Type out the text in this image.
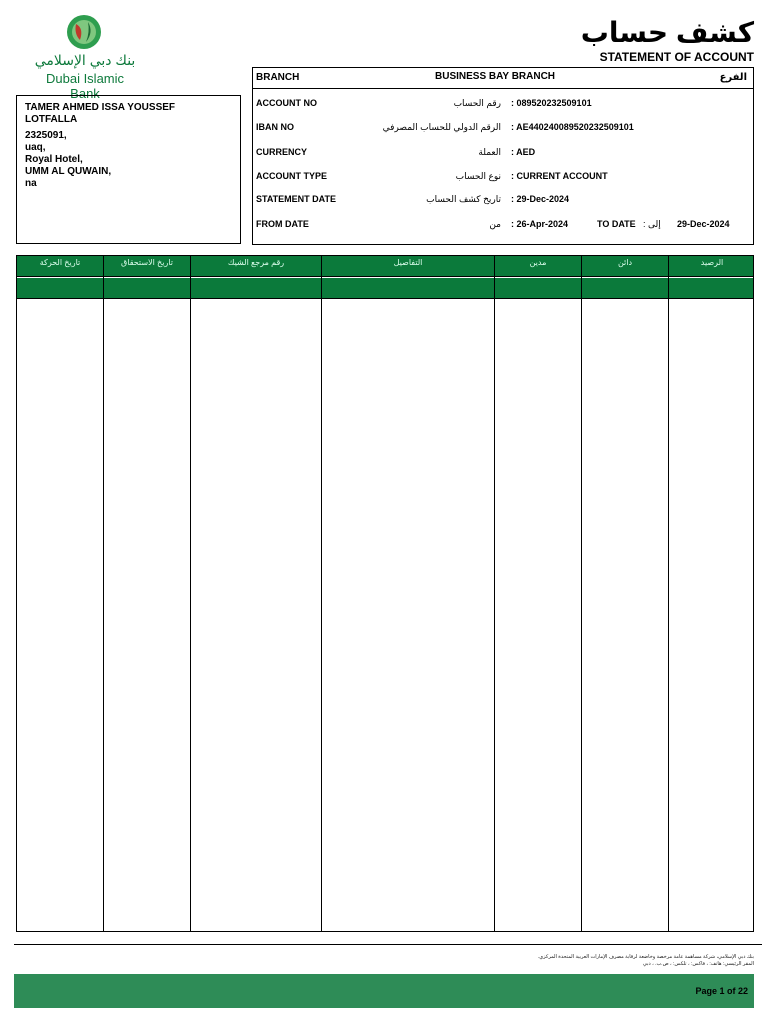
بنك دبي الإسلامي
Dubai Islamic Bank
كشف حساب
STATEMENT OF ACCOUNT
TAMER AHMED ISSA YOUSSEF
LOTFALLA
2325091,
uaq,
Royal Hotel,
UMM AL QUWAIN,
na
BRANCH	BUSINESS BAY BRANCH	الفرع
ACCOUNT NO	رقم الحساب : 089520232509101
IBAN NO	الرقم الدولي للحساب المصرفي : AE440240089520232509101
CURRENCY	العملة : AED
ACCOUNT TYPE	نوع الحساب : CURRENT ACCOUNT
STATEMENT DATE	تاريخ كشف الحساب : 29-Dec-2024
FROM DATE	من : 26-Apr-2024	TO DATE إلى : 29-Dec-2024
تاريخ الحركة	تاريخ الاستحقاق	رقم مرجع الشيك	التفاصيل	مدين	دائن	الرصيد
بنك دبي الإسلامي، شركة مساهمة عامة مرخصة وخاضعة لرقابة مصرف الإمارات العربية المتحدة المركزي.
المقر الرئيسي: هاتف: ، فاكس: ، تلكس: ، ص.ب. ، دبي
Page 1 of 22
